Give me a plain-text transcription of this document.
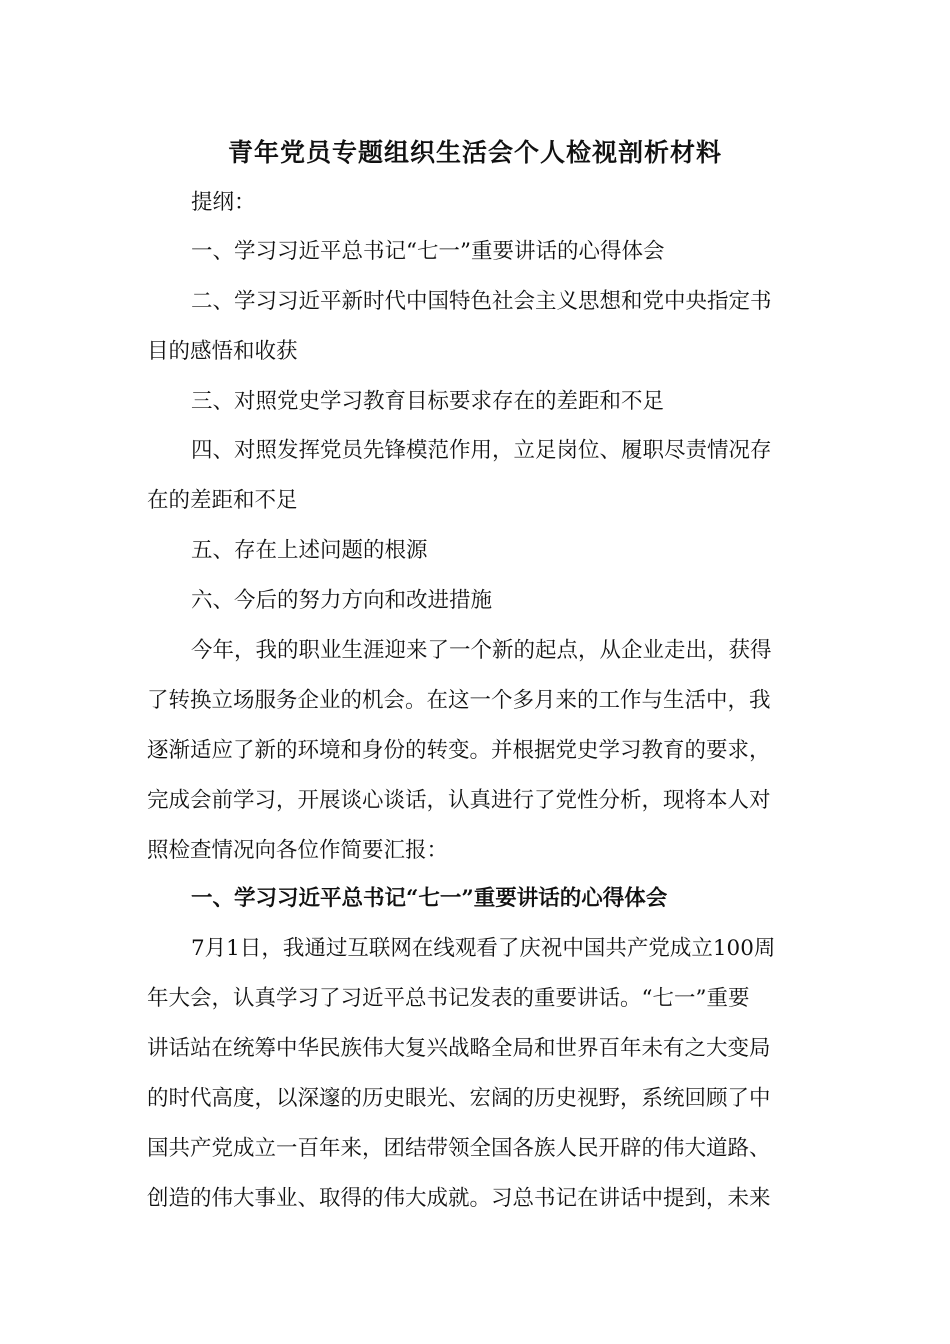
青年党员专题组织生活会个人检视剖析材料
提纲：
一、学习习近平总书记“七一”重要讲话的心得体会
二、学习习近平新时代中国特色社会主义思想和党中央指定书
目的感悟和收获
三、对照党史学习教育目标要求存在的差距和不足
四、对照发挥党员先锋模范作用，立足岗位、履职尽责情况存
在的差距和不足
五、存在上述问题的根源
六、今后的努力方向和改进措施
今年，我的职业生涯迎来了一个新的起点，从企业走出，获得
了转换立场服务企业的机会。在这一个多月来的工作与生活中，我
逐渐适应了新的环境和身份的转变。并根据党史学习教育的要求，
完成会前学习，开展谈心谈话，认真进行了党性分析，现将本人对
照检查情况向各位作简要汇报：
一、学习习近平总书记“七一”重要讲话的心得体会
7月1日，我通过互联网在线观看了庆祝中国共产党成立100周
年大会，认真学习了习近平总书记发表的重要讲话。“七一”重要
讲话站在统筹中华民族伟大复兴战略全局和世界百年未有之大变局
的时代高度，以深邃的历史眼光、宏阔的历史视野，系统回顾了中
国共产党成立一百年来，团结带领全国各族人民开辟的伟大道路、
创造的伟大事业、取得的伟大成就。习总书记在讲话中提到，未来
